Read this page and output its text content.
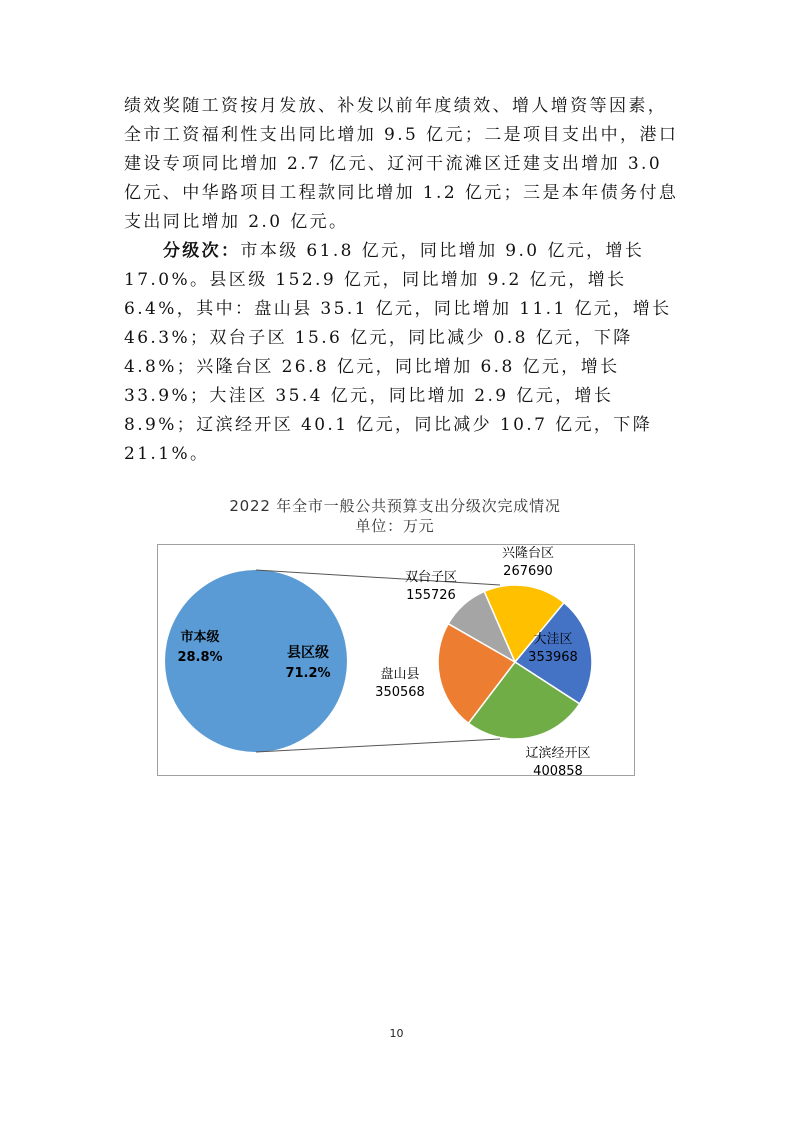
绩效奖随工资按月发放、补发以前年度绩效、增人增资等因素，全市工资福利性支出同比增加 9.5 亿元；二是项目支出中，港口建设专项同比增加 2.7 亿元、辽河干流滩区迁建支出增加 3.0 亿元、中华路项目工程款同比增加 1.2 亿元；三是本年债务付息支出同比增加 2.0 亿元。

  分级次：市本级 61.8 亿元，同比增加 9.0 亿元，增长 17.0%。县区级 152.9 亿元，同比增加 9.2 亿元，增长 6.4%，其中：盘山县 35.1 亿元，同比增加 11.1 亿元，增长 46.3%；双台子区 15.6 亿元，同比减少 0.8 亿元，下降 4.8%；兴隆台区 26.8 亿元，同比增加 6.8 亿元，增长 33.9%；大洼区 35.4 亿元，同比增加 2.9 亿元，增长 8.9%；辽滨经开区 40.1 亿元，同比减少 10.7 亿元，下降 21.1%。

2022 年全市一般公共预算支出分级次完成情况
单位：万元
市本级
28.8%	县区级
71.2%
大洼区
353968
辽滨经开区
400858
盘山县
350568
双台子区
155726
兴隆台区
267690
10
